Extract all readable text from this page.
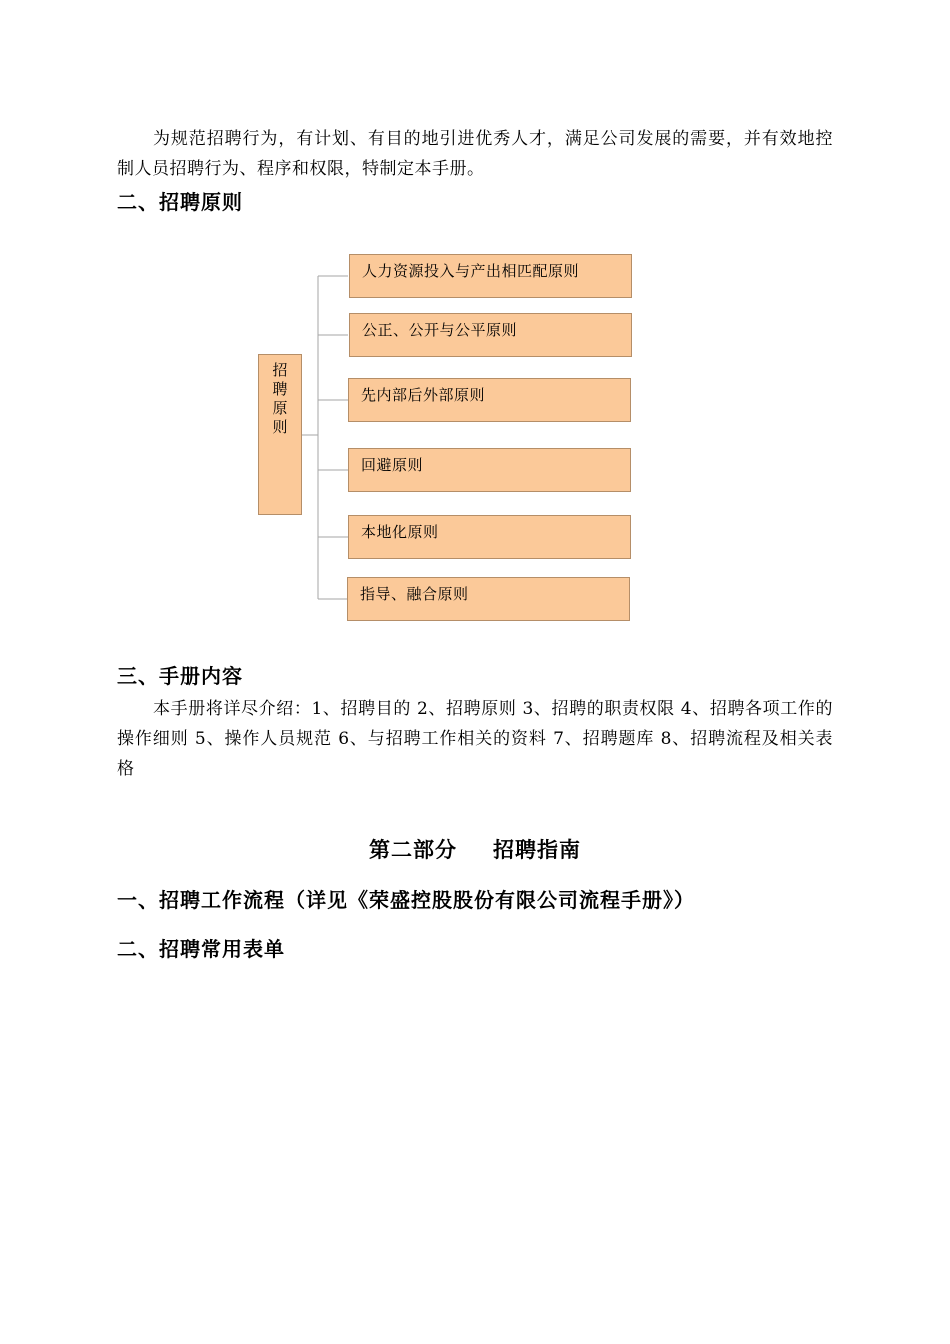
为规范招聘行为，有计划、有目的地引进优秀人才，满足公司发展的需要，并有效地控制人员招聘行为、程序和权限，特制定本手册。

二、招聘原则
招聘原则
人力资源投入与产出相匹配原则
公正、公开与公平原则
先内部后外部原则
回避原则
本地化原则
指导、融合原则
三、手册内容

本手册将详尽介绍：1、招聘目的 2、招聘原则 3、招聘的职责权限 4、招聘各项工作的操作细则 5、操作人员规范 6、与招聘工作相关的资料 7、招聘题库 8、招聘流程及相关表格

第二部分 招聘指南
一、招聘工作流程（详见《荣盛控股股份有限公司流程手册》）
二、招聘常用表单
